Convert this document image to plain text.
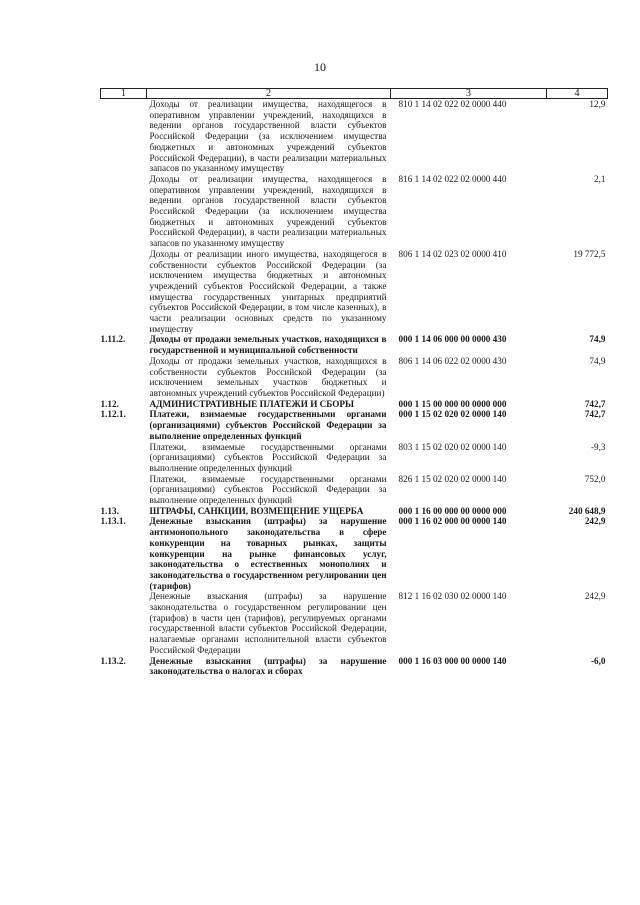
10
1	2	3	4
	Доходы от реализации имущества, находящегося в оперативном управлении учреждений, находящихся в ведении органов государственной власти субъектов Российской Федерации (за исключением имущества бюджетных и автономных учреждений субъектов Российской Федерации), в части реализации материальных запасов по указанному имуществу	810 1 14 02 022 02 0000 440	12,9
	Доходы от реализации имущества, находящегося в оперативном управлении учреждений, находящихся в ведении органов государственной власти субъектов Российской Федерации (за исключением имущества бюджетных и автономных учреждений субъектов Российской Федерации), в части реализации материальных запасов по указанному имуществу	816 1 14 02 022 02 0000 440	2,1
	Доходы от реализации иного имущества, находящегося в собственности субъектов Российской Федерации (за исключением имущества бюджетных и автономных учреждений субъектов Российской Федерации, а также имущества государственных унитарных предприятий субъектов Российской Федерации, в том числе казенных), в части реализации основных средств по указанному имуществу	806 1 14 02 023 02 0000 410	19 772,5
1.11.2.	Доходы от продажи земельных участков, находящихся в государственной и муниципальной собственности	000 1 14 06 000 00 0000 430	74,9
	Доходы от продажи земельных участков, находящихся в собственности субъектов Российской Федерации (за исключением земельных участков бюджетных и автономных учреждений субъектов Российской Федерации)	806 1 14 06 022 02 0000 430	74,9
1.12.	АДМИНИСТРАТИВНЫЕ ПЛАТЕЖИ И СБОРЫ	000 1 15 00 000 00 0000 000	742,7
1.12.1.	Платежи, взимаемые государственными органами (организациями) субъектов Российской Федерации за выполнение определенных функций	000 1 15 02 020 02 0000 140	742,7
	Платежи, взимаемые государственными органами (организациями) субъектов Российской Федерации за выполнение определенных функций	803 1 15 02 020 02 0000 140	-9,3
	Платежи, взимаемые государственными органами (организациями) субъектов Российской Федерации за выполнение определенных функций	826 1 15 02 020 02 0000 140	752,0
1.13.	ШТРАФЫ, САНКЦИИ, ВОЗМЕЩЕНИЕ УЩЕРБА	000 1 16 00 000 00 0000 000	240 648,9
1.13.1.	Денежные взыскания (штрафы) за нарушение антимонопольного законодательства в сфере конкуренции на товарных рынках, защиты конкуренции на рынке финансовых услуг, законодательства о естественных монополиях и законодательства о государственном регулировании цен (тарифов)	000 1 16 02 000 00 0000 140	242,9
	Денежные взыскания (штрафы) за нарушение законодательства о государственном регулировании цен (тарифов) в части цен (тарифов), регулируемых органами государственной власти субъектов Российской Федерации, налагаемые органами исполнительной власти субъектов Российской Федерации	812 1 16 02 030 02 0000 140	242,9
1.13.2.	Денежные взыскания (штрафы) за нарушение законодательства о налогах и сборах	000 1 16 03 000 00 0000 140	-6,0
